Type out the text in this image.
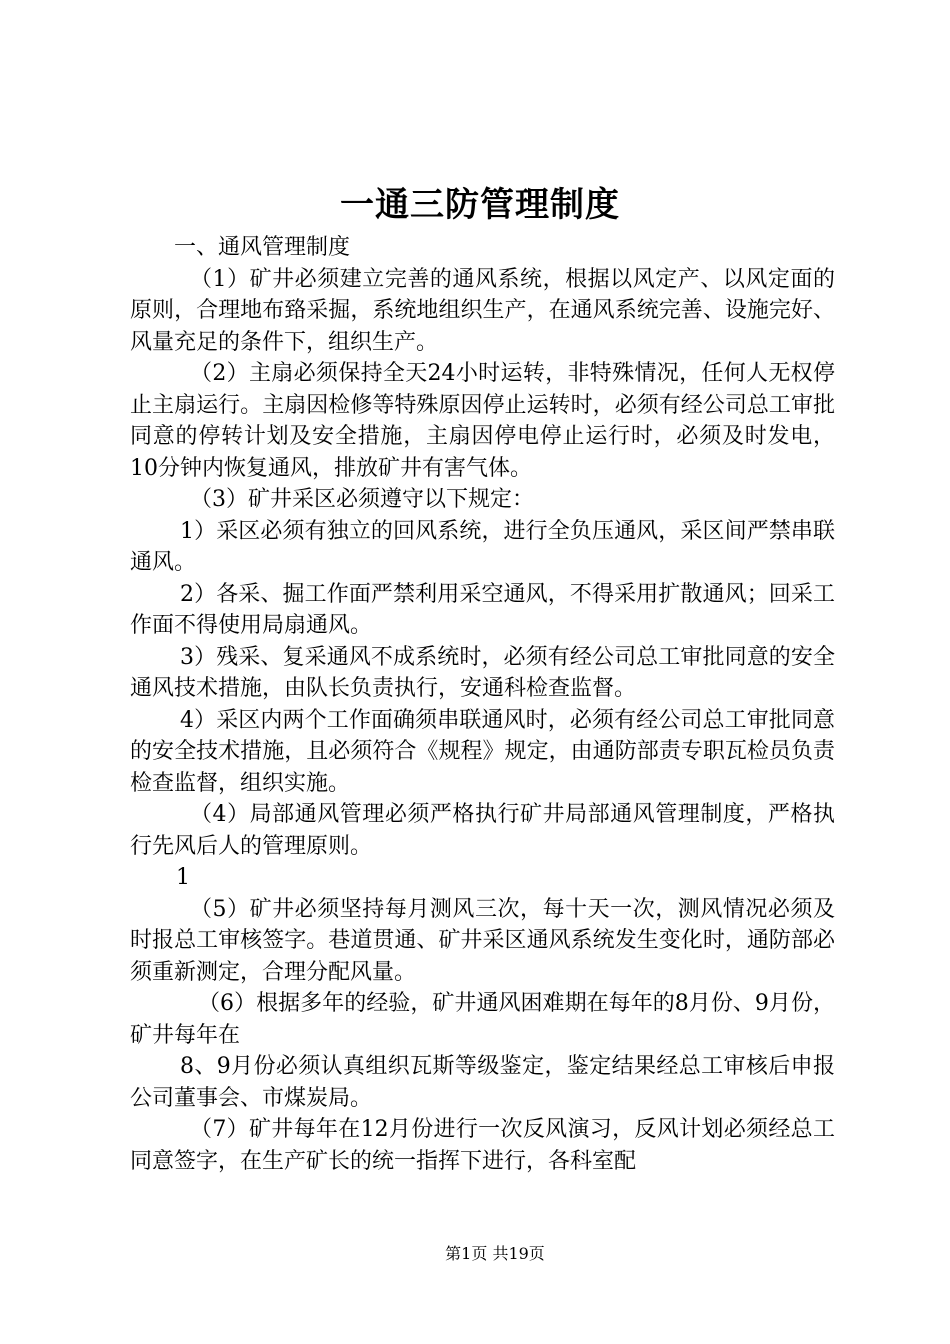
一通三防管理制度

一、通风管理制度

（1）矿井必须建立完善的通风系统，根据以风定产、以风定面的原则，合理地布臵采掘，系统地组织生产，在通风系统完善、设施完好、风量充足的条件下，组织生产。

（2）主扇必须保持全天24小时运转，非特殊情况，任何人无权停止主扇运行。主扇因检修等特殊原因停止运转时，必须有经公司总工审批同意的停转计划及安全措施，主扇因停电停止运行时，必须及时发电，10分钟内恢复通风，排放矿井有害气体。

（3）矿井采区必须遵守以下规定：

1）采区必须有独立的回风系统，进行全负压通风，采区间严禁串联通风。

2）各采、掘工作面严禁利用采空通风，不得采用扩散通风；回采工作面不得使用局扇通风。

3）残采、复采通风不成系统时，必须有经公司总工审批同意的安全通风技术措施，由队长负责执行，安通科检查监督。

4）采区内两个工作面确须串联通风时，必须有经公司总工审批同意的安全技术措施，且必须符合《规程》规定，由通防部责专职瓦检员负责检查监督，组织实施。

（4）局部通风管理必须严格执行矿井局部通风管理制度，严格执行先风后人的管理原则。

1

（5）矿井必须坚持每月测风三次，每十天一次，测风情况必须及时报总工审核签字。巷道贯通、矿井采区通风系统发生变化时，通防部必须重新测定，合理分配风量。

（6）根据多年的经验，矿井通风困难期在每年的8月份、9月份，矿井每年在

8、9月份必须认真组织瓦斯等级鉴定，鉴定结果经总工审核后申报公司董事会、市煤炭局。

（7）矿井每年在12月份进行一次反风演习，反风计划必须经总工同意签字，在生产矿长的统一指挥下进行，各科室配

第1页 共19页
